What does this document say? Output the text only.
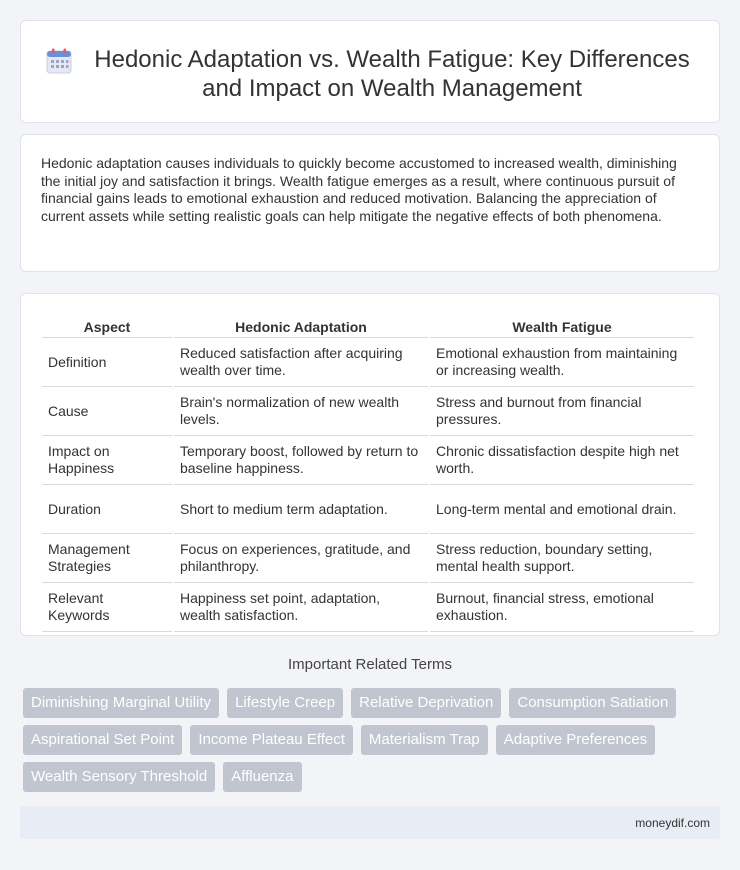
Hedonic Adaptation vs. Wealth Fatigue: Key Differences and Impact on Wealth Management

Hedonic adaptation causes individuals to quickly become accustomed to increased wealth, diminishing the initial joy and satisfaction it brings. Wealth fatigue emerges as a result, where continuous pursuit of financial gains leads to emotional exhaustion and reduced motivation. Balancing the appreciation of current assets while setting realistic goals can help mitigate the negative effects of both phenomena.

Aspect	Hedonic Adaptation	Wealth Fatigue
Definition	Reduced satisfaction after acquiring wealth over time.	Emotional exhaustion from maintaining or increasing wealth.
Cause	Brain's normalization of new wealth levels.	Stress and burnout from financial pressures.
Impact on Happiness	Temporary boost, followed by return to baseline happiness.	Chronic dissatisfaction despite high net worth.
Duration	Short to medium term adaptation.	Long-term mental and emotional drain.
Management Strategies	Focus on experiences, gratitude, and philanthropy.	Stress reduction, boundary setting, mental health support.
Relevant Keywords	Happiness set point, adaptation, wealth satisfaction.	Burnout, financial stress, emotional exhaustion.
Important Related Terms
Diminishing Marginal Utility	Lifestyle Creep	Relative Deprivation	Consumption Satiation
Aspirational Set Point	Income Plateau Effect	Materialism Trap	Adaptive Preferences
Wealth Sensory Threshold	Affluenza
moneydif.com
